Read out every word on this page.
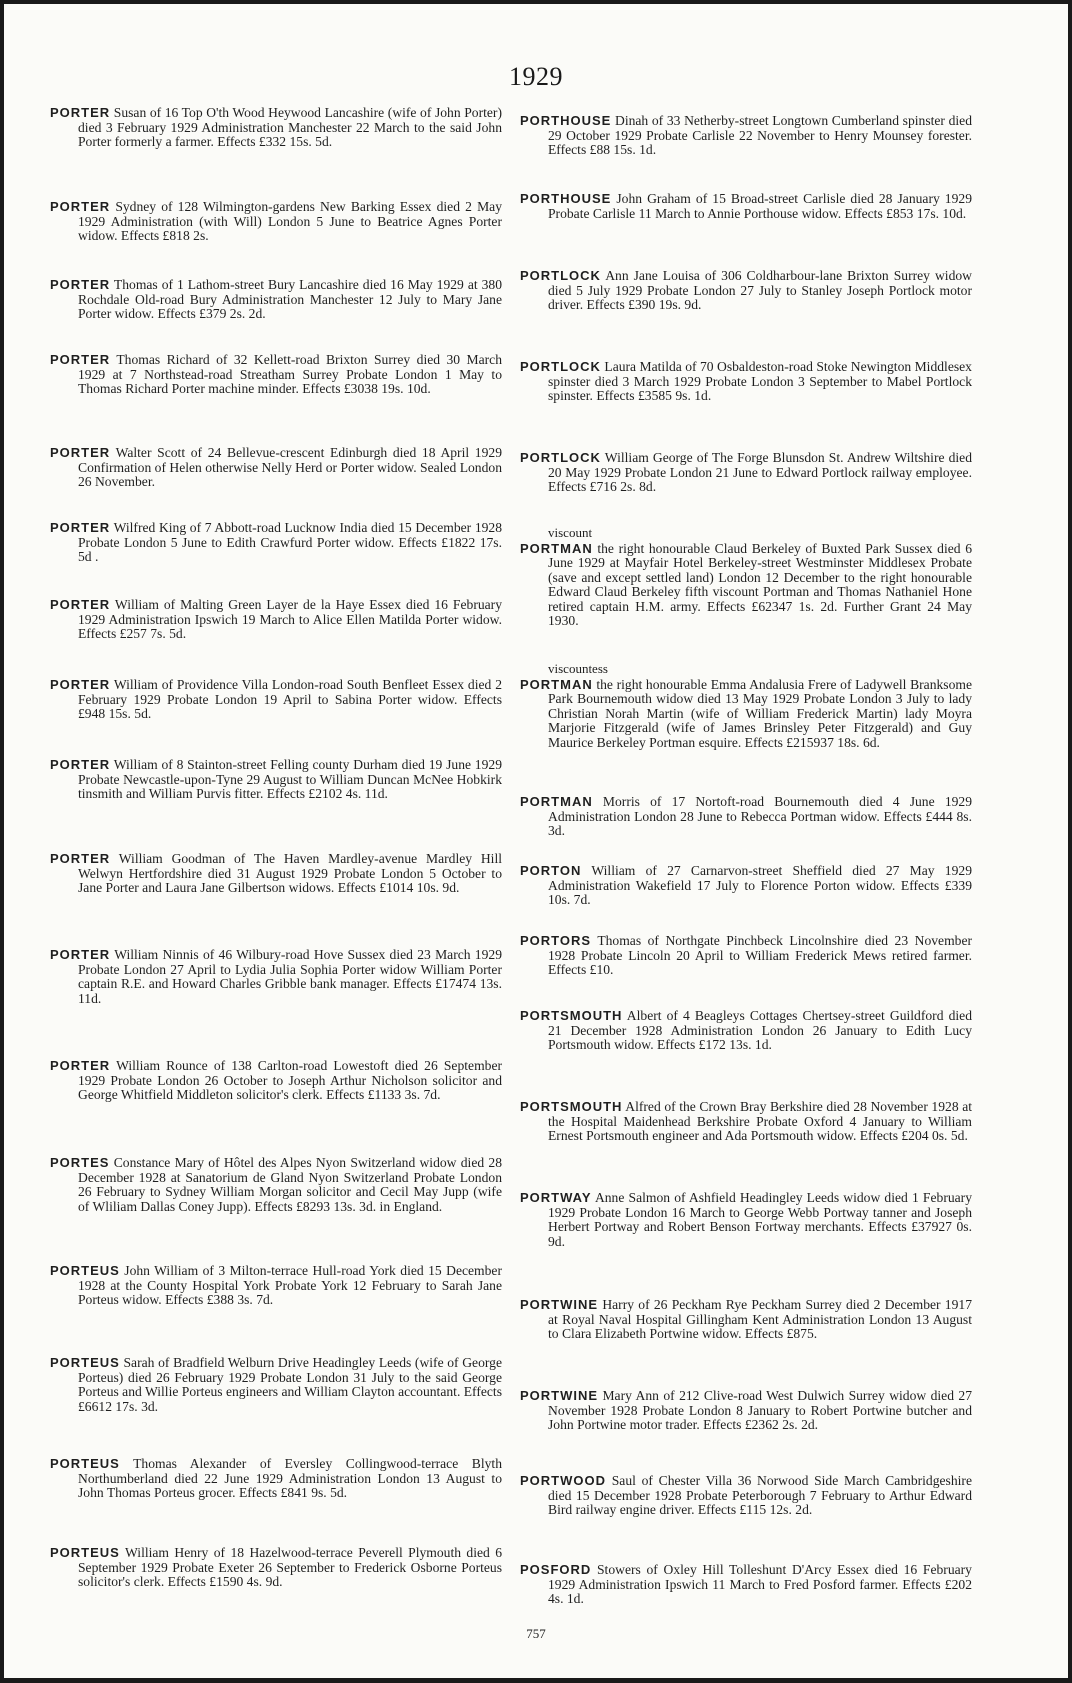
1929
PORTER Susan of 16 Top O'th Wood Heywood Lancashire (wife of John Porter) died 3 February 1929 Administration Manchester 22 March to the said John Porter formerly a farmer. Effects £332 15s. 5d.
PORTER Sydney of 128 Wilmington-gardens New Barking Essex died 2 May 1929 Administration (with Will) London 5 June to Beatrice Agnes Porter widow. Effects £818 2s.
PORTER Thomas of 1 Lathom-street Bury Lancashire died 16 May 1929 at 380 Rochdale Old-road Bury Administration Manchester 12 July to Mary Jane Porter widow. Effects £379 2s. 2d.
PORTER Thomas Richard of 32 Kellett-road Brixton Surrey died 30 March 1929 at 7 Northstead-road Streatham Surrey Probate London 1 May to Thomas Richard Porter machine minder. Effects £3038 19s. 10d.
PORTER Walter Scott of 24 Bellevue-crescent Edinburgh died 18 April 1929 Confirmation of Helen otherwise Nelly Herd or Porter widow. Sealed London 26 November.
PORTER Wilfred King of 7 Abbott-road Lucknow India died 15 December 1928 Probate London 5 June to Edith Crawfurd Porter widow. Effects £1822 17s. 5d .
PORTER William of Malting Green Layer de la Haye Essex died 16 February 1929 Administration Ipswich 19 March to Alice Ellen Matilda Porter widow. Effects £257 7s. 5d.
PORTER William of Providence Villa London-road South Benfleet Essex died 2 February 1929 Probate London 19 April to Sabina Porter widow. Effects £948 15s. 5d.
PORTER William of 8 Stainton-street Felling county Durham died 19 June 1929 Probate Newcastle-upon-Tyne 29 August to William Duncan McNee Hobkirk tinsmith and William Purvis fitter. Effects £2102 4s. 11d.
PORTER William Goodman of The Haven Mardley-avenue Mardley Hill Welwyn Hertfordshire died 31 August 1929 Probate London 5 October to Jane Porter and Laura Jane Gilbertson widows. Effects £1014 10s. 9d.
PORTER William Ninnis of 46 Wilbury-road Hove Sussex died 23 March 1929 Probate London 27 April to Lydia Julia Sophia Porter widow William Porter captain R.E. and Howard Charles Gribble bank manager. Effects £17474 13s. 11d.
PORTER William Rounce of 138 Carlton-road Lowestoft died 26 September 1929 Probate London 26 October to Joseph Arthur Nicholson solicitor and George Whitfield Middleton solicitor's clerk. Effects £1133 3s. 7d.
PORTES Constance Mary of Hôtel des Alpes Nyon Switzerland widow died 28 December 1928 at Sanatorium de Gland Nyon Switzerland Probate London 26 February to Sydney William Morgan solicitor and Cecil May Jupp (wife of Wliliam Dallas Coney Jupp). Effects £8293 13s. 3d. in England.
PORTEUS John William of 3 Milton-terrace Hull-road York died 15 December 1928 at the County Hospital York Probate York 12 February to Sarah Jane Porteus widow. Effects £388 3s. 7d.
PORTEUS Sarah of Bradfield Welburn Drive Headingley Leeds (wife of George Porteus) died 26 February 1929 Probate London 31 July to the said George Porteus and Willie Porteus engineers and William Clayton accountant. Effects £6612 17s. 3d.
PORTEUS Thomas Alexander of Eversley Collingwood-terrace Blyth Northumberland died 22 June 1929 Administration London 13 August to John Thomas Porteus grocer. Effects £841 9s. 5d.
PORTEUS William Henry of 18 Hazelwood-terrace Peverell Plymouth died 6 September 1929 Probate Exeter 26 September to Frederick Osborne Porteus solicitor's clerk. Effects £1590 4s. 9d.
PORTHOUSE Dinah of 33 Netherby-street Longtown Cumberland spinster died 29 October 1929 Probate Carlisle 22 November to Henry Mounsey forester. Effects £88 15s. 1d.
PORTHOUSE John Graham of 15 Broad-street Carlisle died 28 January 1929 Probate Carlisle 11 March to Annie Porthouse widow. Effects £853 17s. 10d.
PORTLOCK Ann Jane Louisa of 306 Coldharbour-lane Brixton Surrey widow died 5 July 1929 Probate London 27 July to Stanley Joseph Portlock motor driver. Effects £390 19s. 9d.
PORTLOCK Laura Matilda of 70 Osbaldeston-road Stoke Newington Middlesex spinster died 3 March 1929 Probate London 3 September to Mabel Portlock spinster. Effects £3585 9s. 1d.
PORTLOCK William George of The Forge Blunsdon St. Andrew Wiltshire died 20 May 1929 Probate London 21 June to Edward Portlock railway employee. Effects £716 2s. 8d.
viscount
PORTMAN the right honourable Claud Berkeley of Buxted Park Sussex died 6 June 1929 at Mayfair Hotel Berkeley-street Westminster Middlesex Probate (save and except settled land) London 12 December to the right honourable Edward Claud Berkeley fifth viscount Portman and Thomas Nathaniel Hone retired captain H.M. army. Effects £62347 1s. 2d. Further Grant 24 May 1930.
viscountess
PORTMAN the right honourable Emma Andalusia Frere of Ladywell Branksome Park Bournemouth widow died 13 May 1929 Probate London 3 July to lady Christian Norah Martin (wife of William Frederick Martin) lady Moyra Marjorie Fitzgerald (wife of James Brinsley Peter Fitzgerald) and Guy Maurice Berkeley Portman esquire. Effects £215937 18s. 6d.
PORTMAN Morris of 17 Nortoft-road Bournemouth died 4 June 1929 Administration London 28 June to Rebecca Portman widow. Effects £444 8s. 3d.
PORTON William of 27 Carnarvon-street Sheffield died 27 May 1929 Administration Wakefield 17 July to Florence Porton widow. Effects £339 10s. 7d.
PORTORS Thomas of Northgate Pinchbeck Lincolnshire died 23 November 1928 Probate Lincoln 20 April to William Frederick Mews retired farmer. Effects £10.
PORTSMOUTH Albert of 4 Beagleys Cottages Chertsey-street Guildford died 21 December 1928 Administration London 26 January to Edith Lucy Portsmouth widow. Effects £172 13s. 1d.
PORTSMOUTH Alfred of the Crown Bray Berkshire died 28 November 1928 at the Hospital Maidenhead Berkshire Probate Oxford 4 January to William Ernest Portsmouth engineer and Ada Portsmouth widow. Effects £204 0s. 5d.
PORTWAY Anne Salmon of Ashfield Headingley Leeds widow died 1 February 1929 Probate London 16 March to George Webb Portway tanner and Joseph Herbert Portway and Robert Benson Fortway merchants. Effects £37927 0s. 9d.
PORTWINE Harry of 26 Peckham Rye Peckham Surrey died 2 December 1917 at Royal Naval Hospital Gillingham Kent Administration London 13 August to Clara Elizabeth Portwine widow. Effects £875.
PORTWINE Mary Ann of 212 Clive-road West Dulwich Surrey widow died 27 November 1928 Probate London 8 January to Robert Portwine butcher and John Portwine motor trader. Effects £2362 2s. 2d.
PORTWOOD Saul of Chester Villa 36 Norwood Side March Cambridgeshire died 15 December 1928 Probate Peterborough 7 February to Arthur Edward Bird railway engine driver. Effects £115 12s. 2d.
POSFORD Stowers of Oxley Hill Tolleshunt D'Arcy Essex died 16 February 1929 Administration Ipswich 11 March to Fred Posford farmer. Effects £202 4s. 1d.
757
